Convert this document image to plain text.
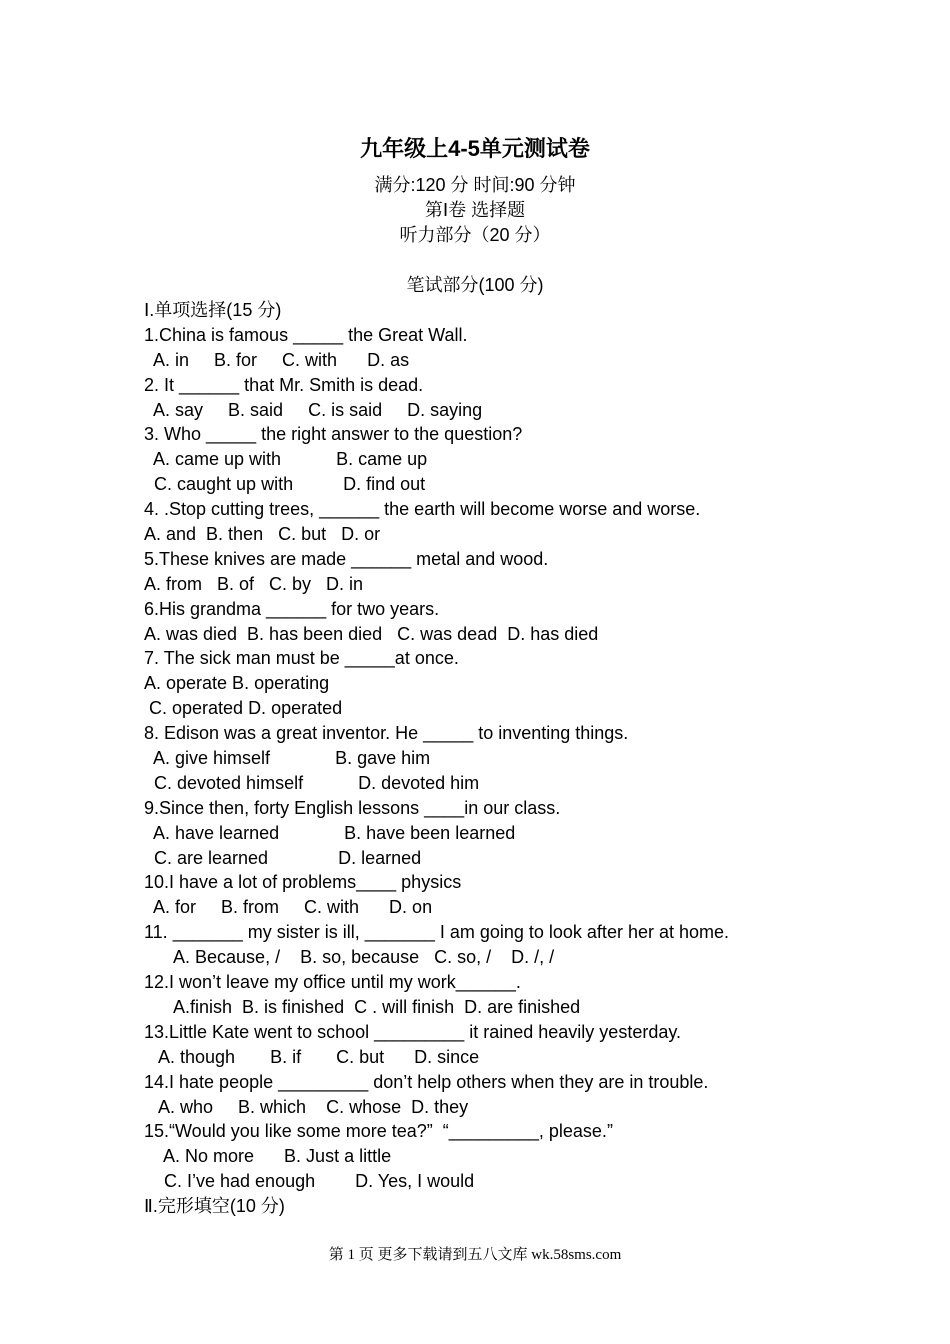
九年级上4-5单元测试卷
满分:120 分 时间:90 分钟
第Ⅰ卷 选择题
听力部分（20 分）
笔试部分(100 分)
Ⅰ.单项选择(15 分)
1.China is famous _____ the Great Wall.
A. in     B. for     C. with      D. as
2. It ______ that Mr. Smith is dead.
A. say     B. said     C. is said     D. saying
3. Who _____ the right answer to the question?
A. came up with           B. came up
C. caught up with          D. find out
4. .Stop cutting trees, ______ the earth will become worse and worse.
A. and  B. then   C. but   D. or
5.These knives are made ______ metal and wood.
A. from   B. of   C. by   D. in
6.His grandma ______ for two years.
A. was died  B. has been died   C. was dead  D. has died
7. The sick man must be _____at once.
A. operate B. operating
C. operated D. operated
8. Edison was a great inventor. He _____ to inventing things.
A. give himself             B. gave him
C. devoted himself           D. devoted him
9.Since then, forty English lessons ____in our class.
A. have learned             B. have been learned
C. are learned              D. learned
10.I have a lot of problems____ physics
A. for     B. from     C. with      D. on
11. _______ my sister is ill, _______ I am going to look after her at home.
A. Because, /    B. so, because   C. so, /    D. /, /
12.I won’t leave my office until my work______.
A.finish  B. is finished  C . will finish  D. are finished
13.Little Kate went to school _________ it rained heavily yesterday.
A. though       B. if       C. but      D. since
14.I hate people _________ don’t help others when they are in trouble.
A. who     B. which    C. whose  D. they
15.“Would you like some more tea?”  “_________, please.”
A. No more      B. Just a little
C. I’ve had enough        D. Yes, I would
Ⅱ.完形填空(10 分)
第 1 页 更多下载请到五八文库 wk.58sms.com
